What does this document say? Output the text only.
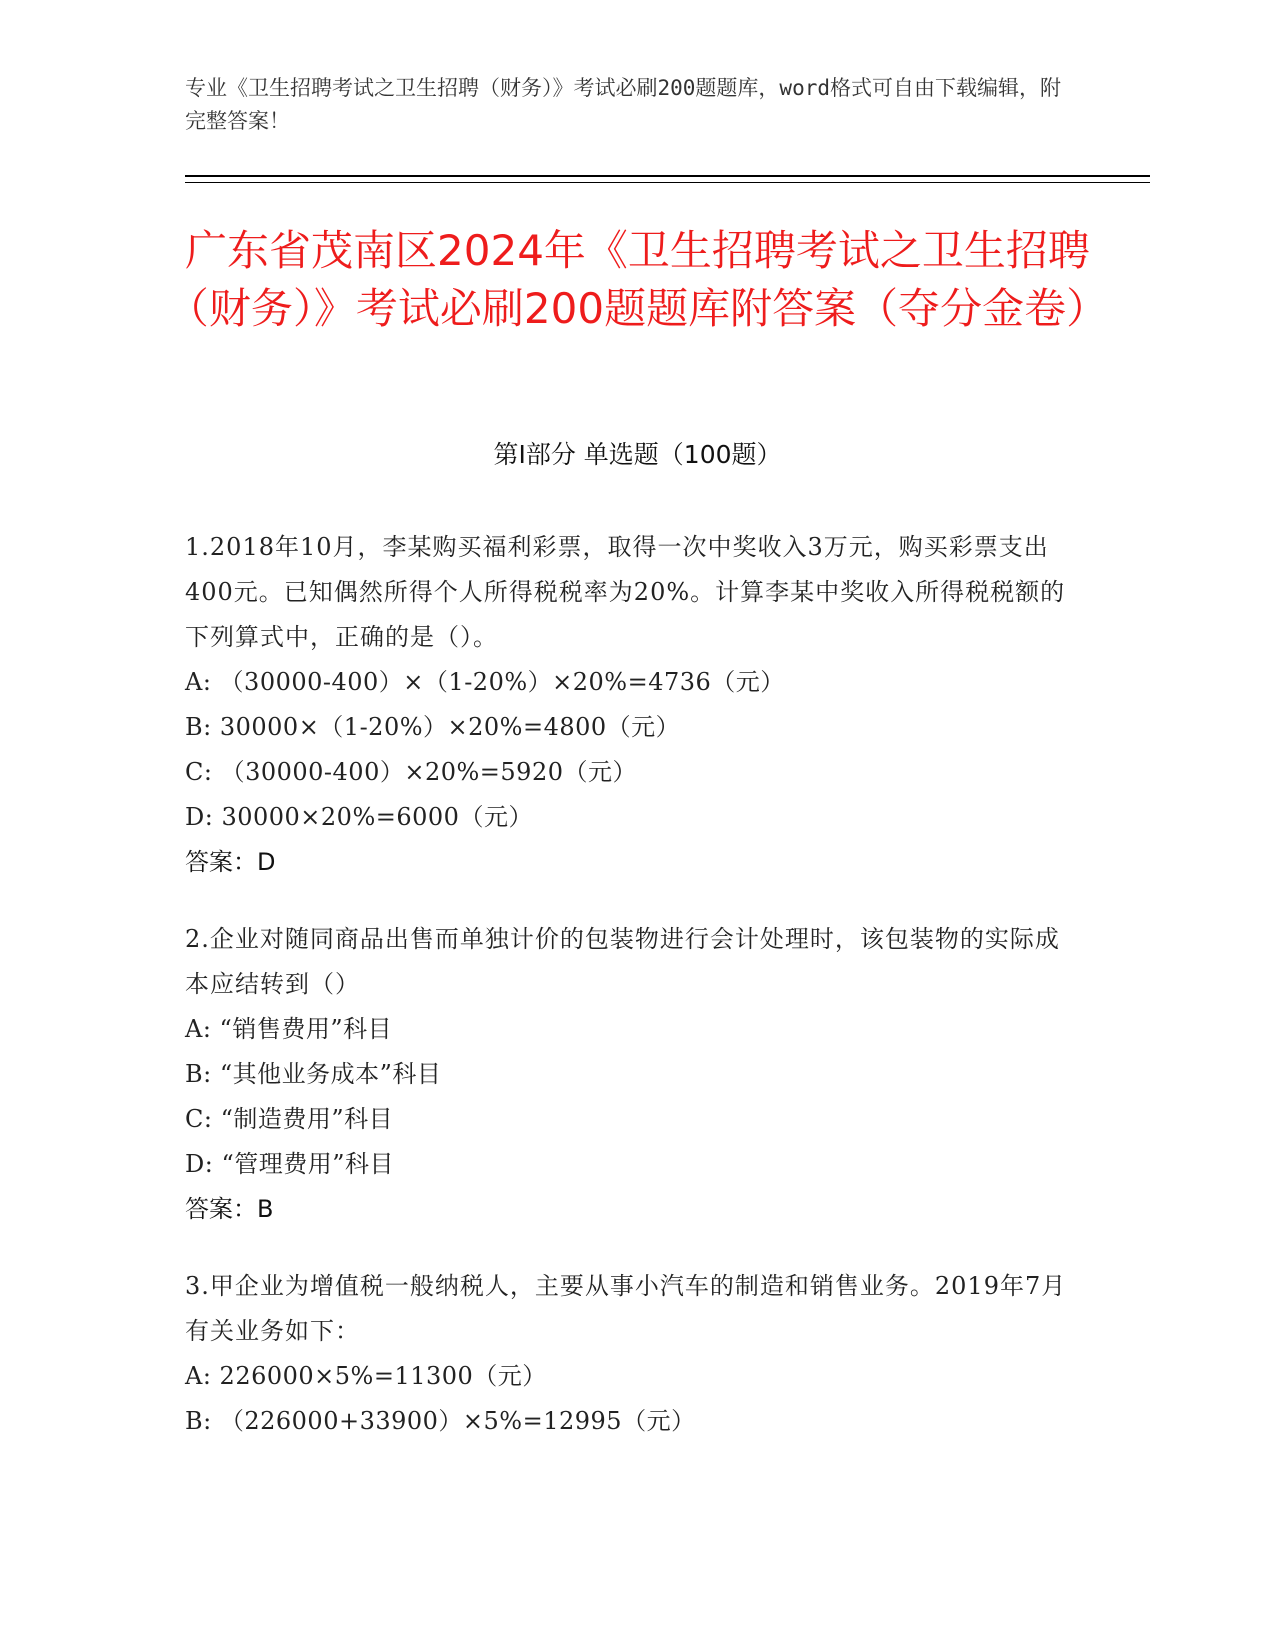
专业《卫生招聘考试之卫生招聘（财务）》考试必刷200题题库，word格式可自由下载编辑，附完整答案！
广东省茂南区2024年《卫生招聘考试之卫生招聘（财务）》考试必刷200题题库附答案（夺分金卷）
第Ⅰ部分 单选题（100题）
1.2018年10月，李某购买福利彩票，取得一次中奖收入3万元，购买彩票支出400元。已知偶然所得个人所得税税率为20%。计算李某中奖收入所得税税额的下列算式中，正确的是（）。
A: （30000-400）×（1-20%）×20%=4736（元）
B: 30000×（1-20%）×20%=4800（元）
C: （30000-400）×20%=5920（元）
D: 30000×20%=6000（元）
答案：D
2.企业对随同商品出售而单独计价的包装物进行会计处理时，该包装物的实际成本应结转到（）
A: “销售费用”科目
B: “其他业务成本”科目
C: “制造费用”科目
D: “管理费用”科目
答案：B
3.甲企业为增值税一般纳税人，主要从事小汽车的制造和销售业务。2019年7月有关业务如下：
A: 226000×5%=11300（元）
B: （226000+33900）×5%=12995（元）
